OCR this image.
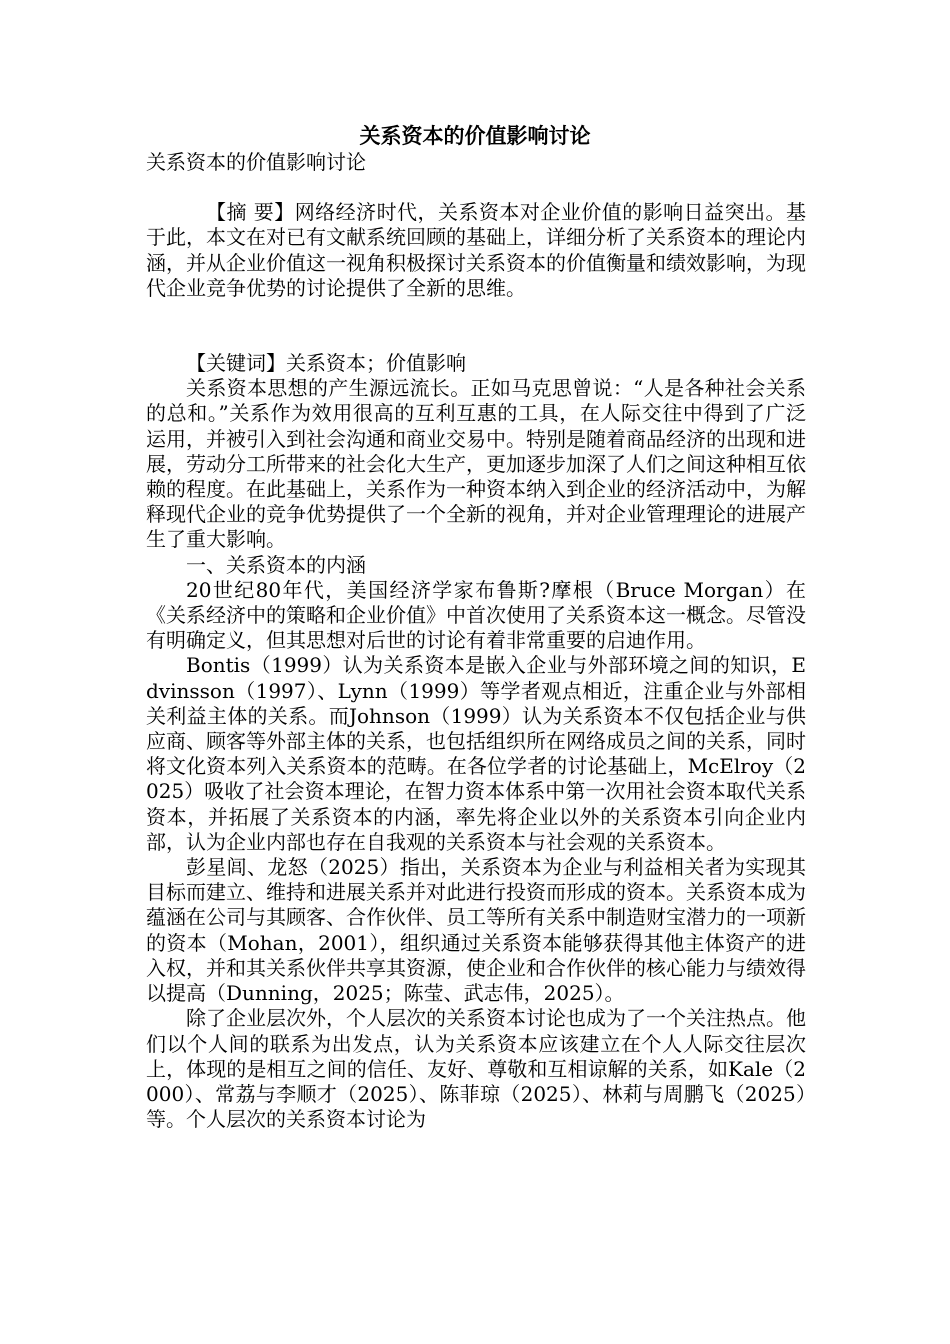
关系资本的价值影响讨论

关系资本的价值影响讨论

【摘 要】网络经济时代，关系资本对企业价值的影响日益突出。基于此，本文在对已有文献系统回顾的基础上，详细分析了关系资本的理论内涵，并从企业价值这一视角积极探讨关系资本的价值衡量和绩效影响，为现代企业竞争优势的讨论提供了全新的思维。

【关键词】关系资本；价值影响

关系资本思想的产生源远流长。正如马克思曾说：“人是各种社会关系的总和。”关系作为效用很高的互利互惠的工具，在人际交往中得到了广泛运用，并被引入到社会沟通和商业交易中。特别是随着商品经济的出现和进展，劳动分工所带来的社会化大生产，更加逐步加深了人们之间这种相互依赖的程度。在此基础上，关系作为一种资本纳入到企业的经济活动中，为解释现代企业的竞争优势提供了一个全新的视角，并对企业管理理论的进展产生了重大影响。

一、关系资本的内涵

20世纪80年代，美国经济学家布鲁斯?摩根（Bruce Morgan）在《关系经济中的策略和企业价值》中首次使用了关系资本这一概念。尽管没有明确定义，但其思想对后世的讨论有着非常重要的启迪作用。

Bontis（1999）认为关系资本是嵌入企业与外部环境之间的知识，Edvinsson（1997）、Lynn（1999）等学者观点相近，注重企业与外部相关利益主体的关系。而Johnson（1999）认为关系资本不仅包括企业与供应商、顾客等外部主体的关系，也包括组织所在网络成员之间的关系，同时将文化资本列入关系资本的范畴。在各位学者的讨论基础上，McElroy（2025）吸收了社会资本理论，在智力资本体系中第一次用社会资本取代关系资本，并拓展了关系资本的内涵，率先将企业以外的关系资本引向企业内部，认为企业内部也存在自我观的关系资本与社会观的关系资本。

彭星闾、龙怒（2025）指出，关系资本为企业与利益相关者为实现其目标而建立、维持和进展关系并对此进行投资而形成的资本。关系资本成为蕴涵在公司与其顾客、合作伙伴、员工等所有关系中制造财宝潜力的一项新的资本（Mohan，2001），组织通过关系资本能够获得其他主体资产的进入权，并和其关系伙伴共享其资源，使企业和合作伙伴的核心能力与绩效得以提高（Dunning，2025；陈莹、武志伟，2025）。

除了企业层次外，个人层次的关系资本讨论也成为了一个关注热点。他们以个人间的联系为出发点，认为关系资本应该建立在个人人际交往层次上，体现的是相互之间的信任、友好、尊敬和互相谅解的关系，如Kale（2000）、常荔与李顺才（2025）、陈菲琼（2025）、林莉与周鹏飞（2025）等。个人层次的关系资本讨论为
